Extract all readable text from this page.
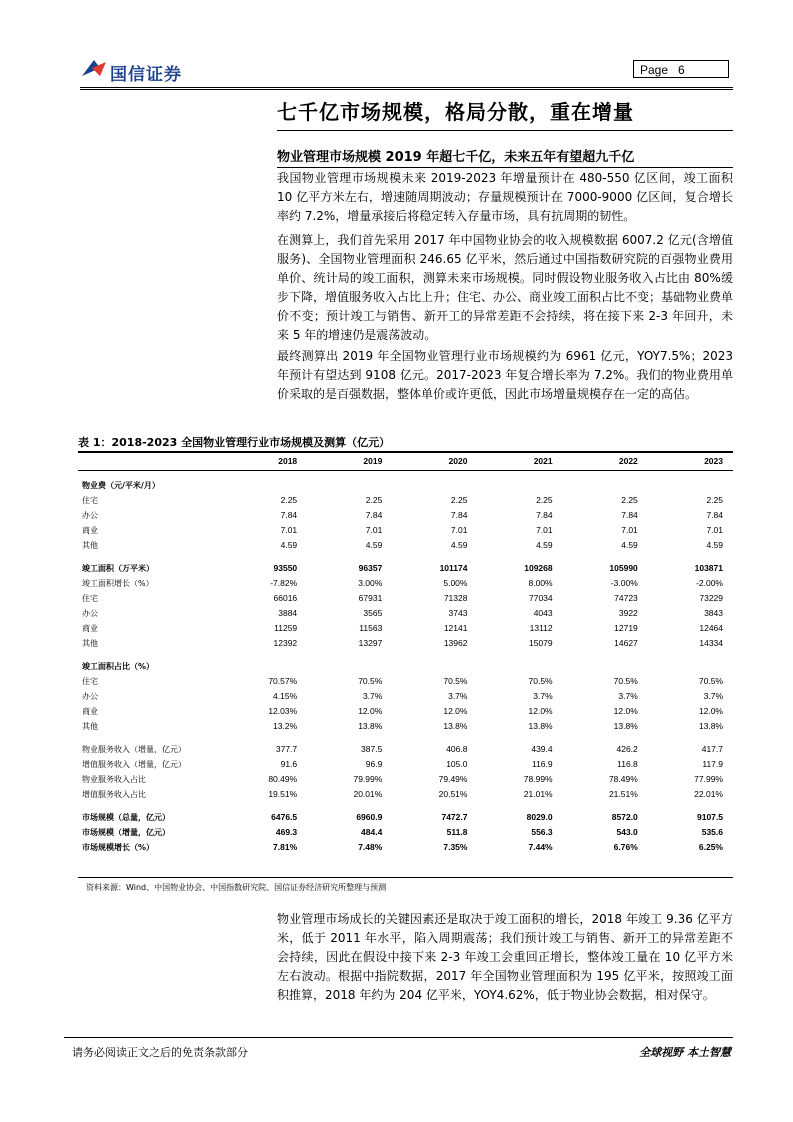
国信证券	Page 6
七千亿市场规模，格局分散，重在增量
物业管理市场规模 2019 年超七千亿，未来五年有望超九千亿
我国物业管理市场规模未来 2019-2023 年增量预计在 480-550 亿区间，竣工面积 10 亿平方米左右，增速随周期波动；存量规模预计在 7000-9000 亿区间，复合增长率约 7.2%，增量承接后将稳定转入存量市场，具有抗周期的韧性。
在测算上，我们首先采用 2017 年中国物业协会的收入规模数据 6007.2 亿元(含增值服务)、全国物业管理面积 246.65 亿平米，然后通过中国指数研究院的百强物业费用单价、统计局的竣工面积，测算未来市场规模。同时假设物业服务收入占比由 80%缓步下降，增值服务收入占比上升；住宅、办公、商业竣工面积占比不变；基础物业费单价不变；预计竣工与销售、新开工的异常差距不会持续，将在接下来 2-3 年回升，未来 5 年的增速仍是震荡波动。
最终测算出 2019 年全国物业管理行业市场规模约为 6961 亿元，YOY7.5%；2023 年预计有望达到 9108 亿元。2017-2023 年复合增长率为 7.2%。我们的物业费用单价采取的是百强数据，整体单价或许更低，因此市场增量规模存在一定的高估。
表 1：2018-2023 全国物业管理行业市场规模及测算（亿元）
	2018	2019	2020	2021	2022	2023

物业费（元/平米/月）						
住宅	2.25	2.25	2.25	2.25	2.25	2.25
办公	7.84	7.84	7.84	7.84	7.84	7.84
商业	7.01	7.01	7.01	7.01	7.01	7.01
其他	4.59	4.59	4.59	4.59	4.59	4.59

竣工面积（万平米）	93550	96357	101174	109268	105990	103871
竣工面积增长（%）	-7.82%	3.00%	5.00%	8.00%	-3.00%	-2.00%
住宅	66016	67931	71328	77034	74723	73229
办公	3884	3565	3743	4043	3922	3843
商业	11259	11563	12141	13112	12719	12464
其他	12392	13297	13962	15079	14627	14334

竣工面积占比（%）						
住宅	70.57%	70.5%	70.5%	70.5%	70.5%	70.5%
办公	4.15%	3.7%	3.7%	3.7%	3.7%	3.7%
商业	12.03%	12.0%	12.0%	12.0%	12.0%	12.0%
其他	13.2%	13.8%	13.8%	13.8%	13.8%	13.8%

物业服务收入（增量，亿元）	377.7	387.5	406.8	439.4	426.2	417.7
增值服务收入（增量，亿元）	91.6	96.9	105.0	116.9	116.8	117.9
物业服务收入占比	80.49%	79.99%	79.49%	78.99%	78.49%	77.99%
增值服务收入占比	19.51%	20.01%	20.51%	21.01%	21.51%	22.01%

市场规模（总量，亿元）	6476.5	6960.9	7472.7	8029.0	8572.0	9107.5
市场规模（增量，亿元）	469.3	484.4	511.8	556.3	543.0	535.6
市场规模增长（%）	7.81%	7.48%	7.35%	7.44%	6.76%	6.25%
资料来源：Wind、中国物业协会、中国指数研究院、国信证券经济研究所整理与预测
物业管理市场成长的关键因素还是取决于竣工面积的增长，2018 年竣工 9.36 亿平方米，低于 2011 年水平，陷入周期震荡；我们预计竣工与销售、新开工的异常差距不会持续，因此在假设中接下来 2-3 年竣工会重回正增长，整体竣工量在 10 亿平方米左右波动。根据中指院数据，2017 年全国物业管理面积为 195 亿平米，按照竣工面积推算，2018 年约为 204 亿平米，YOY4.62%，低于物业协会数据，相对保守。
请务必阅读正文之后的免责条款部分	全球视野 本土智慧
